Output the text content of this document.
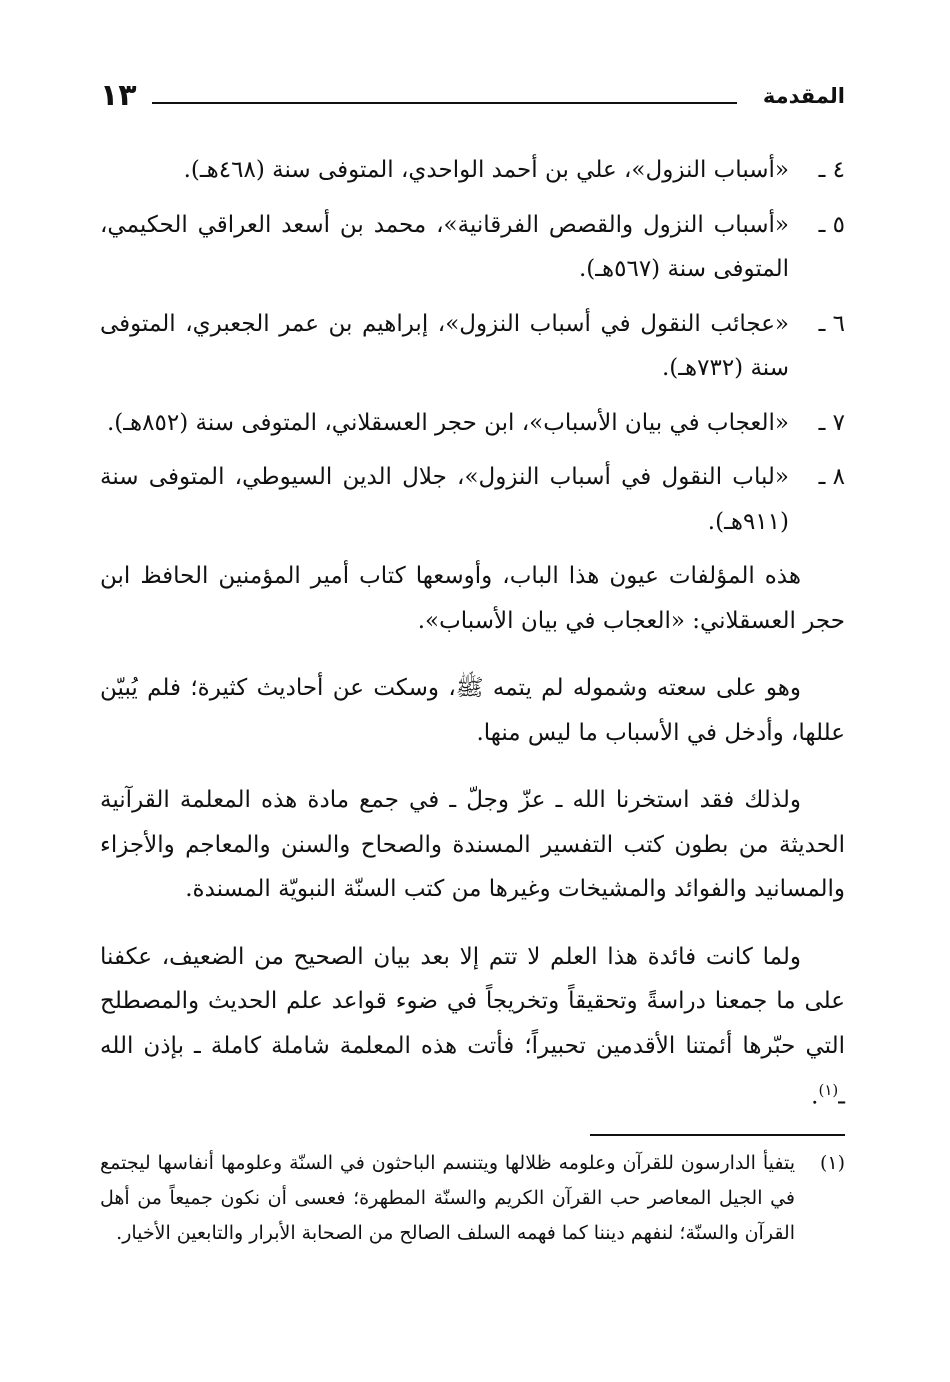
المقدمة
١٣
٤ ـ
«أسباب النزول»، علي بن أحمد الواحدي، المتوفى سنة (٤٦٨هـ).
٥ ـ
«أسباب النزول والقصص الفرقانية»، محمد بن أسعد العراقي الحكيمي، المتوفى سنة (٥٦٧هـ).
٦ ـ
«عجائب النقول في أسباب النزول»، إبراهيم بن عمر الجعبري، المتوفى سنة (٧٣٢هـ).
٧ ـ
«العجاب في بيان الأسباب»، ابن حجر العسقلاني، المتوفى سنة (٨٥٢هـ).
٨ ـ
«لباب النقول في أسباب النزول»، جلال الدين السيوطي، المتوفى سنة (٩١١هـ).

هذه المؤلفات عيون هذا الباب، وأوسعها كتاب أمير المؤمنين الحافظ ابن حجر العسقلاني: «العجاب في بيان الأسباب».

وهو على سعته وشموله لم يتمه ﷺ، وسكت عن أحاديث كثيرة؛ فلم يُبيّن عللها، وأدخل في الأسباب ما ليس منها.

ولذلك فقد استخرنا الله ـ عزّ وجلّ ـ في جمع مادة هذه المعلمة القرآنية الحديثة من بطون كتب التفسير المسندة والصحاح والسنن والمعاجم والأجزاء والمسانيد والفوائد والمشيخات وغيرها من كتب السنّة النبويّة المسندة.

ولما كانت فائدة هذا العلم لا تتم إلا بعد بيان الصحيح من الضعيف، عكفنا على ما جمعنا دراسةً وتحقيقاً وتخريجاً في ضوء قواعد علم الحديث والمصطلح التي حبّرها أئمتنا الأقدمين تحبيراً؛ فأتت هذه المعلمة شاملة كاملة ـ بإذن الله ـ$^{(١)}$.

(١)
يتفيأ الدارسون للقرآن وعلومه ظلالها ويتنسم الباحثون في السنّة وعلومها أنفاسها ليجتمع في الجيل المعاصر حب القرآن الكريم والسنّة المطهرة؛ فعسى أن نكون جميعاً من أهل القرآن والسنّة؛ لنفهم ديننا كما فهمه السلف الصالح من الصحابة الأبرار والتابعين الأخيار.
